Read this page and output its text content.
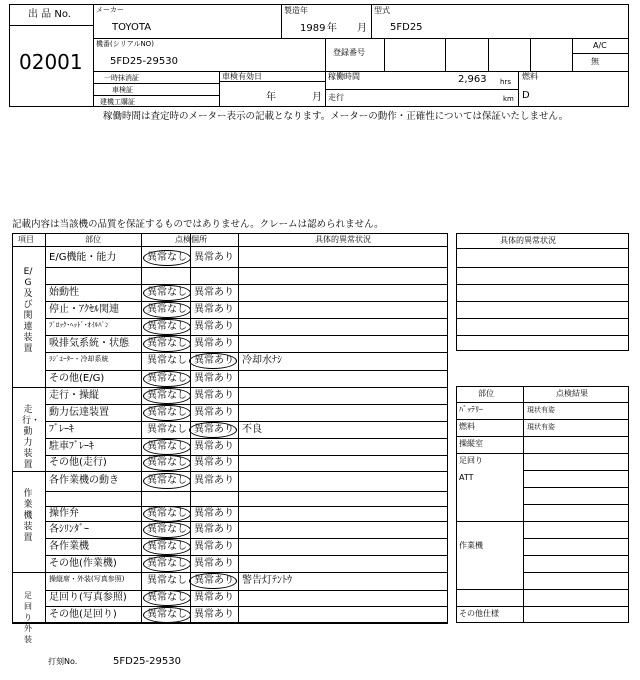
出 品 No.
02001
メーカー
TOYOTA
製造年
1989 年 月
型式
5FD25
機番(シリアルNO)
5FD25-29530
登録番号
A/C
無
一時抹消証
車検証
建機工購証
車検有効日
年	月
稼働時間	2,963 hrs
走行	km
燃料
D
稼働時間は査定時のメーター表示の記載となります。メーターの動作・正確性については保証いたしません。
記載内容は当該機の品質を保証するものではありません。クレームは認められません。
項目	部位	点検個所	具体的異常状況
E/G及び関連装置
E/G機能・能力	異常なし 異常あり
始動性	異常なし 異常あり
停止・ｱｸｾﾙ関連	異常なし 異常あり
ﾌﾞﾛｯｸ･ﾍｯﾄﾞ･ｵｲﾙﾊﾟﾝ	異常なし 異常あり
吸排気系統・状態 異常なし 異常あり
ﾗｼﾞｴｰﾀｰ・冷却系統	異常なし 異常あり 冷却水ﾅｼ
その他(E/G)	異常なし 異常あり
走行・動力装置
走行・操縦	異常なし 異常あり
動力伝達装置	異常なし 異常あり
ﾌﾞﾚｰｷ	異常なし 異常あり 不良
駐車ﾌﾞﾚｰｷ	異常なし 異常あり
その他(走行)	異常なし 異常あり
作業機装置
各作業機の動き	異常なし 異常あり
操作弁	異常なし 異常あり
各ｼﾘﾝﾀﾞｰ	異常なし 異常あり
各作業機	異常なし 異常あり
その他(作業機)	異常なし 異常あり
足回り外装
操縦席・外装(写真参照) 異常なし 異常あり 警告灯ﾃﾝﾄｳ
足回り(写真参照) 異常なし 異常あり
その他(足回り)	異常なし 異常あり
具体的異常状況
部位	点検結果
ﾊﾞｯﾃﾘｰ	現状有姿
燃料	現状有姿
操縦室
足回り
ATT
作業機
その他仕様
打刻No.	5FD25-29530
